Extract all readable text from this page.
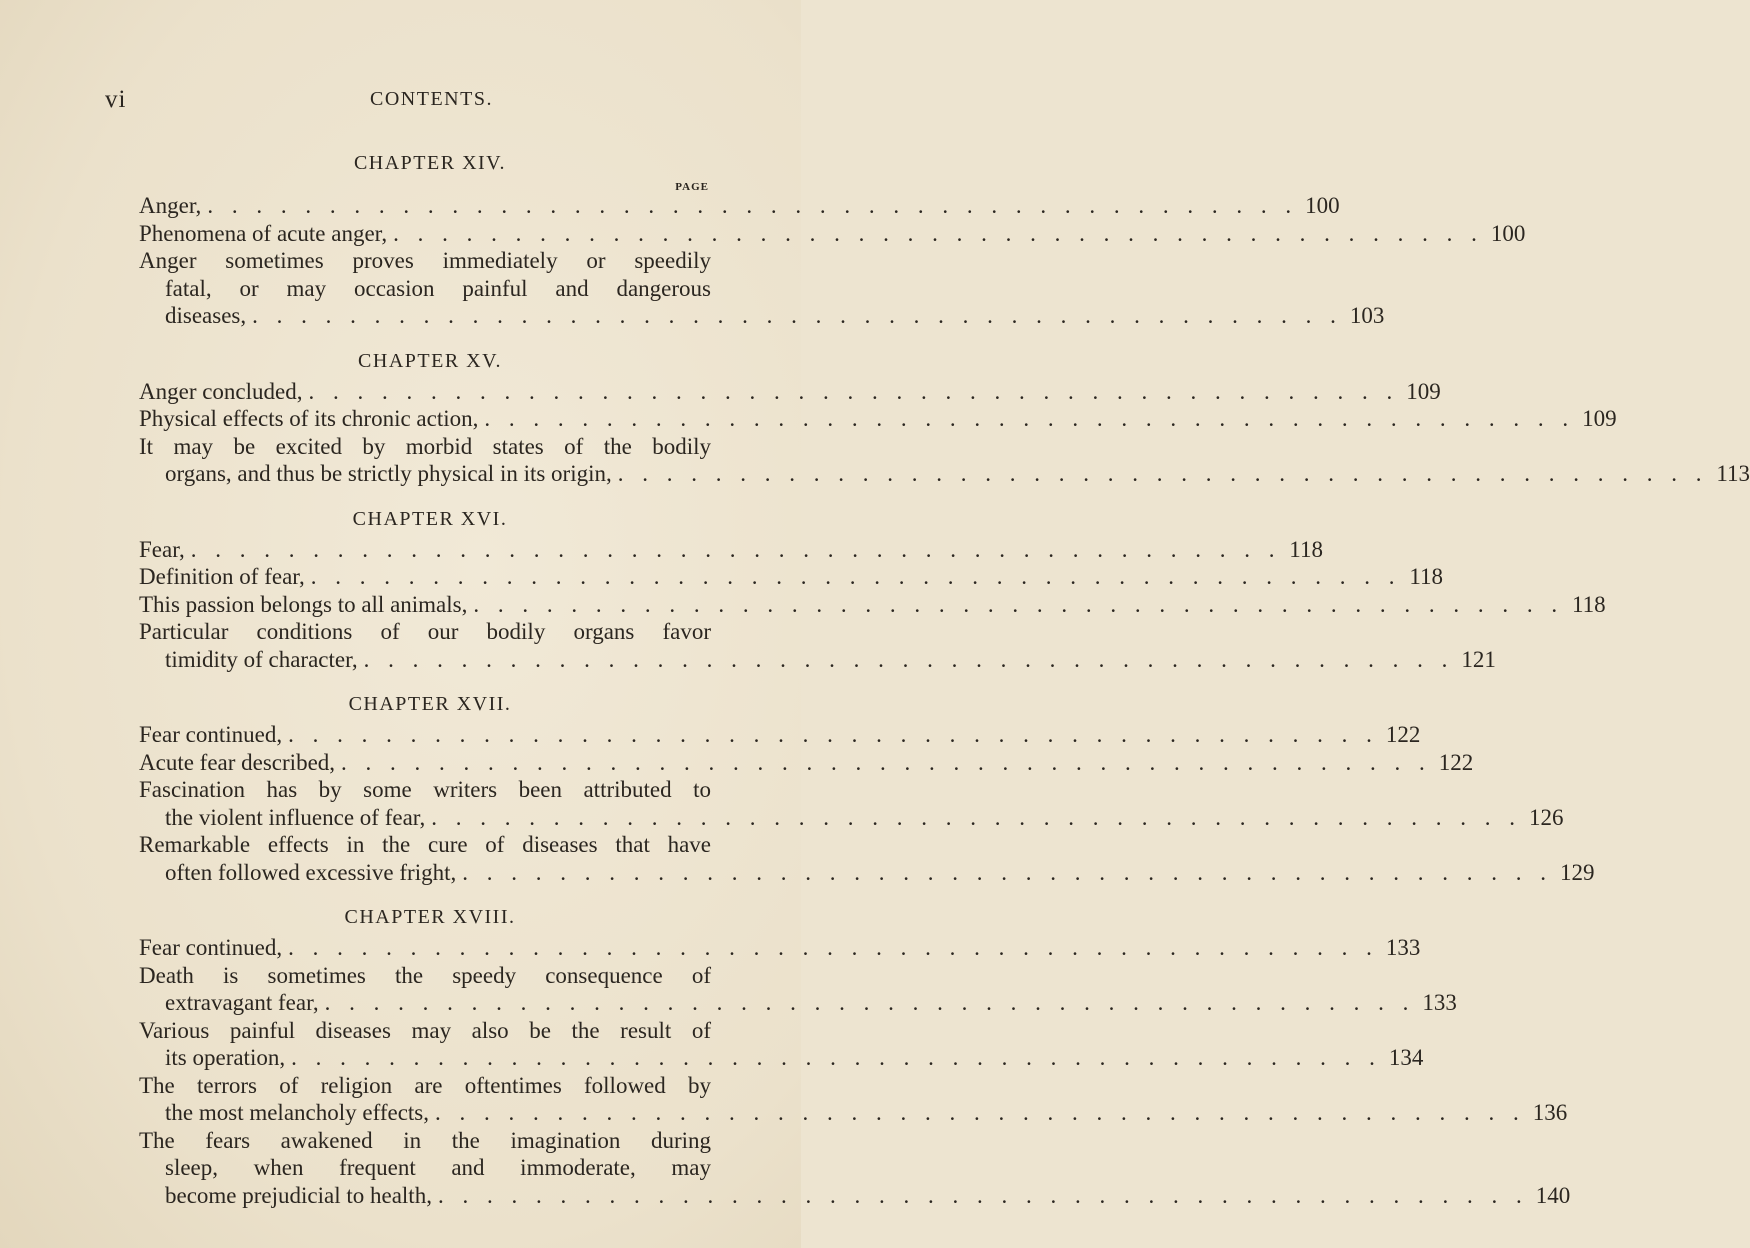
vi	CONTENTS.
CHAPTER XIV.
PAGE
Anger, . . . . . . . . . . . . . . . . . . . . . . . . . . . . . . . . . . . . . . . . . . . . . 100
Phenomena of acute anger, . . . . . . . . . . . . . . . . . . . . . . . . . . . . . . . . . . . . . . . . . . . . . 100
Anger sometimes proves immediately or speedily
fatal, or may occasion painful and dangerous
diseases, . . . . . . . . . . . . . . . . . . . . . . . . . . . . . . . . . . . . . . . . . . . . . 103
CHAPTER XV.
Anger concluded, . . . . . . . . . . . . . . . . . . . . . . . . . . . . . . . . . . . . . . . . . . . . . 109
Physical effects of its chronic action, . . . . . . . . . . . . . . . . . . . . . . . . . . . . . . . . . . . . . . . . . . . . . 109
It may be excited by morbid states of the bodily
organs, and thus be strictly physical in its origin, . . . . . . . . . . . . . . . . . . . . . . . . . . . . . . . . . . . . . . . . . . . . . 113
CHAPTER XVI.
Fear, . . . . . . . . . . . . . . . . . . . . . . . . . . . . . . . . . . . . . . . . . . . . . 118
Definition of fear, . . . . . . . . . . . . . . . . . . . . . . . . . . . . . . . . . . . . . . . . . . . . . 118
This passion belongs to all animals, . . . . . . . . . . . . . . . . . . . . . . . . . . . . . . . . . . . . . . . . . . . . . 118
Particular conditions of our bodily organs favor
timidity of character, . . . . . . . . . . . . . . . . . . . . . . . . . . . . . . . . . . . . . . . . . . . . . 121
CHAPTER XVII.
Fear continued, . . . . . . . . . . . . . . . . . . . . . . . . . . . . . . . . . . . . . . . . . . . . . 122
Acute fear described, . . . . . . . . . . . . . . . . . . . . . . . . . . . . . . . . . . . . . . . . . . . . . 122
Fascination has by some writers been attributed to
the violent influence of fear, . . . . . . . . . . . . . . . . . . . . . . . . . . . . . . . . . . . . . . . . . . . . . 126
Remarkable effects in the cure of diseases that have
often followed excessive fright, . . . . . . . . . . . . . . . . . . . . . . . . . . . . . . . . . . . . . . . . . . . . . 129
CHAPTER XVIII.
Fear continued, . . . . . . . . . . . . . . . . . . . . . . . . . . . . . . . . . . . . . . . . . . . . . 133
Death is sometimes the speedy consequence of
extravagant fear, . . . . . . . . . . . . . . . . . . . . . . . . . . . . . . . . . . . . . . . . . . . . . 133
Various painful diseases may also be the result of
its operation, . . . . . . . . . . . . . . . . . . . . . . . . . . . . . . . . . . . . . . . . . . . . . 134
The terrors of religion are oftentimes followed by
the most melancholy effects, . . . . . . . . . . . . . . . . . . . . . . . . . . . . . . . . . . . . . . . . . . . . . 136
The fears awakened in the imagination during
sleep, when frequent and immoderate, may
become prejudicial to health, . . . . . . . . . . . . . . . . . . . . . . . . . . . . . . . . . . . . . . . . . . . . . 140
